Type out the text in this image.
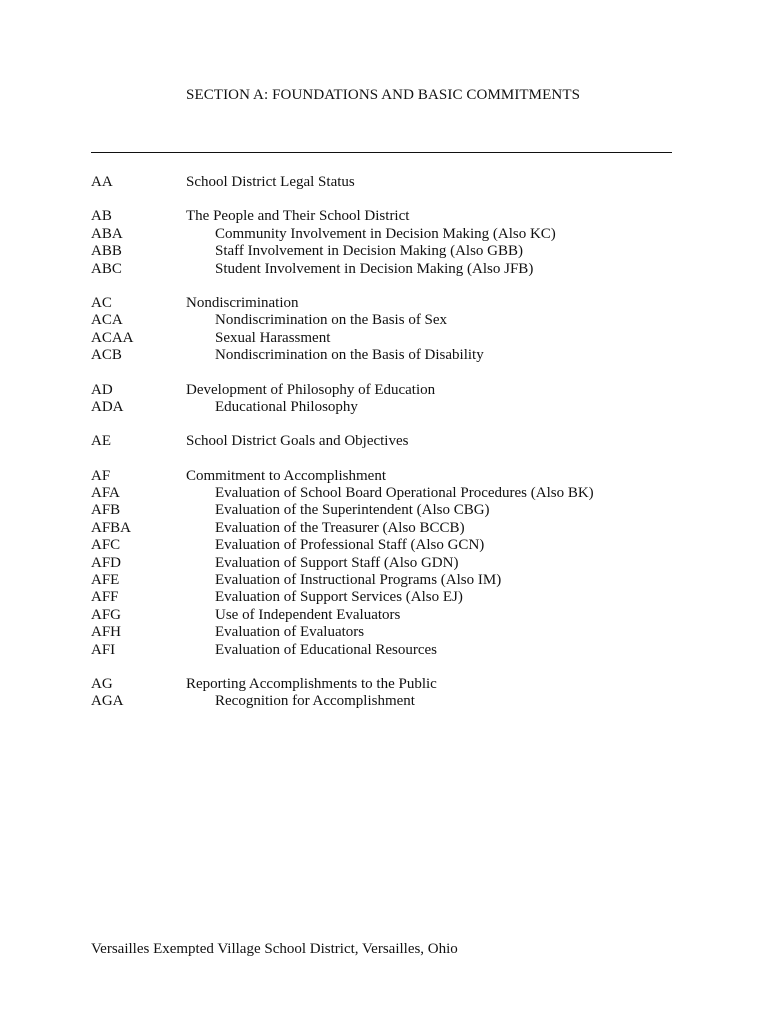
SECTION A: FOUNDATIONS AND BASIC COMMITMENTS
AA	School District Legal Status
AB	The People and Their School District
ABA	Community Involvement in Decision Making (Also KC)
ABB	Staff Involvement in Decision Making (Also GBB)
ABC	Student Involvement in Decision Making (Also JFB)
AC	Nondiscrimination
ACA	Nondiscrimination on the Basis of Sex
ACAA	Sexual Harassment
ACB	Nondiscrimination on the Basis of Disability
AD	Development of Philosophy of Education
ADA	Educational Philosophy
AE	School District Goals and Objectives
AF	Commitment to Accomplishment
AFA	Evaluation of School Board Operational Procedures (Also BK)
AFB	Evaluation of the Superintendent (Also CBG)
AFBA	Evaluation of the Treasurer (Also BCCB)
AFC	Evaluation of Professional Staff (Also GCN)
AFD	Evaluation of Support Staff (Also GDN)
AFE	Evaluation of Instructional Programs (Also IM)
AFF	Evaluation of Support Services (Also EJ)
AFG	Use of Independent Evaluators
AFH	Evaluation of Evaluators
AFI	Evaluation of Educational Resources
AG	Reporting Accomplishments to the Public
AGA	Recognition for Accomplishment
Versailles Exempted Village School District, Versailles, Ohio
